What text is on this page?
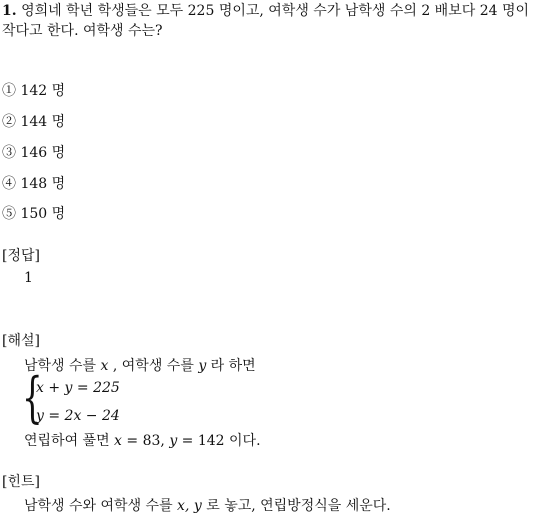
1. 영희네 학년 학생들은 모두 225 명이고, 여학생 수가 남학생 수의 2 배보다 24 명이 작다고 한다. 여학생 수는?
① 142 명
② 144 명
③ 146 명
④ 148 명
⑤ 150 명
[정답]
1
[해설]
남학생 수를 x , 여학생 수를 y 라 하면
{
x + y = 225
y = 2x − 24
연립하여 풀면 x = 83, y = 142 이다.
[힌트]
남학생 수와 여학생 수를 x, y 로 놓고, 연립방정식을 세운다.
